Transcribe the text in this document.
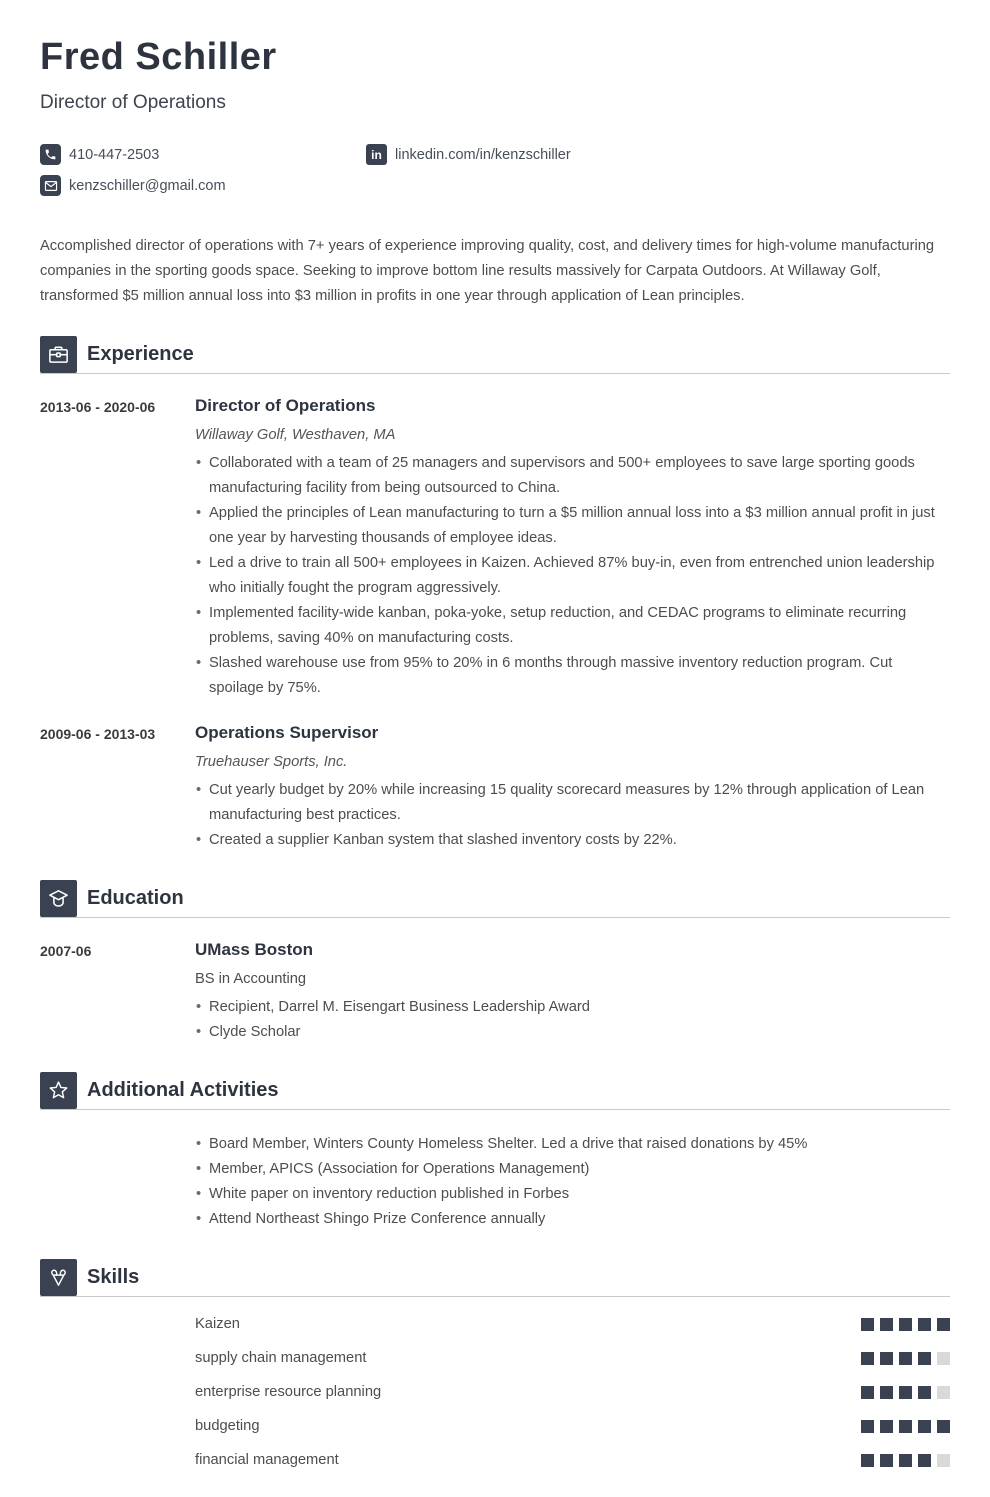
Fred Schiller
Director of Operations
410-447-2503	in linkedin.com/in/kenzschiller
kenzschiller@gmail.com

Accomplished director of operations with 7+ years of experience improving quality, cost, and delivery times for high-volume manufacturing companies in the sporting goods space. Seeking to improve bottom line results massively for Carpata Outdoors. At Willaway Golf, transformed $5 million annual loss into $3 million in profits in one year through application of Lean principles.

Experience
2013-06 - 2020-06	Director of Operations
Willaway Golf, Westhaven, MA
• Collaborated with a team of 25 managers and supervisors and 500+ employees to save large sporting goods manufacturing facility from being outsourced to China.
• Applied the principles of Lean manufacturing to turn a $5 million annual loss into a $3 million annual profit in just one year by harvesting thousands of employee ideas.
• Led a drive to train all 500+ employees in Kaizen. Achieved 87% buy-in, even from entrenched union leadership who initially fought the program aggressively.
• Implemented facility-wide kanban, poka-yoke, setup reduction, and CEDAC programs to eliminate recurring problems, saving 40% on manufacturing costs.
• Slashed warehouse use from 95% to 20% in 6 months through massive inventory reduction program. Cut spoilage by 75%.
2009-06 - 2013-03	Operations Supervisor
Truehauser Sports, Inc.
• Cut yearly budget by 20% while increasing 15 quality scorecard measures by 12% through application of Lean manufacturing best practices.
• Created a supplier Kanban system that slashed inventory costs by 22%.
Education
2007-06	UMass Boston
BS in Accounting
• Recipient, Darrel M. Eisengart Business Leadership Award
• Clyde Scholar
Additional Activities
• Board Member, Winters County Homeless Shelter. Led a drive that raised donations by 45%
• Member, APICS (Association for Operations Management)
• White paper on inventory reduction published in Forbes
• Attend Northeast Shingo Prize Conference annually
Skills
Kaizen
supply chain management
enterprise resource planning
budgeting
financial management
